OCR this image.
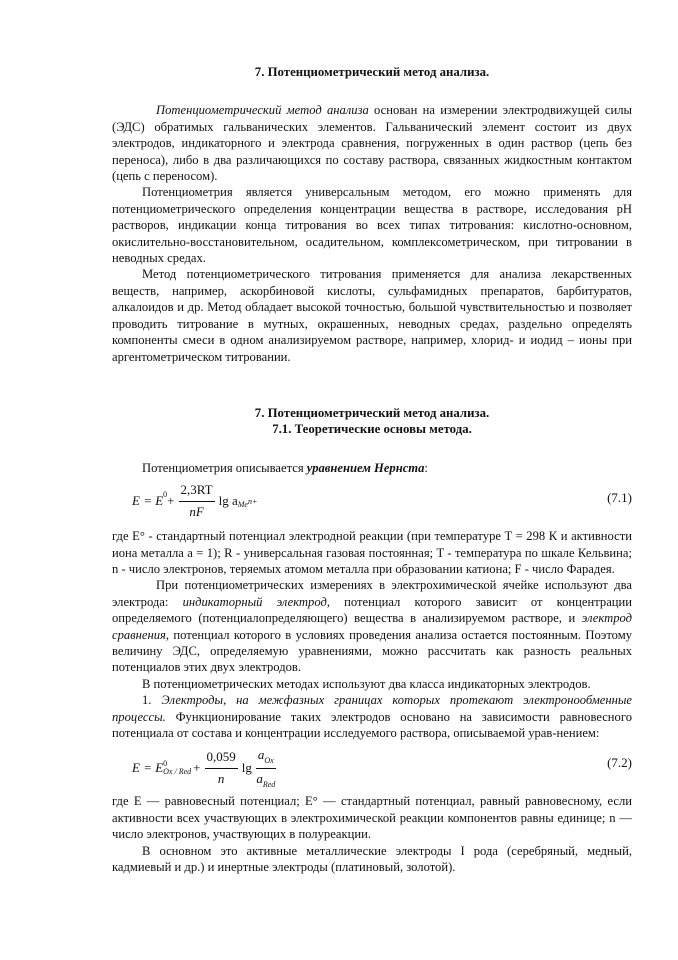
7. Потенциометрический метод анализа.

Потенциометрический метод анализа основан на измерении электродвижущей силы (ЭДС) обратимых гальванических элементов. Гальванический элемент состоит из двух электродов, индикаторного и электрода сравнения, погруженных в один раствор (цепь без переноса), либо в два различающихся по составу раствора, связанных жидкостным контактом (цепь с переносом).

Потенциометрия является универсальным методом, его можно применять для потенциометрического определения концентрации вещества в растворе, исследования рН растворов, индикации конца титрования во всех типах титрования: кислотно-основном, окислительно-восстановительном, осадительном, комплексометрическом, при титровании в неводных средах.

Метод потенциометрического титрования применяется для анализа лекарственных веществ, например, аскорбиновой кислоты, сульфамидных препаратов, барбитуратов, алкалоидов и др. Метод обладает высокой точностью, большой чувствительностью и позволяет проводить титрование в мутных, окрашенных, неводных средах, раздельно определять компоненты смеси в одном анализируемом растворе, например, хлорид- и иодид – ионы при аргентометрическом титровании.

7. Потенциометрический метод анализа.
7.1. Теоретические основы метода.

Потенциометрия описывается уравнением Нернста:

E = E $0 + \frac{2,3RT}{nF}$ lg a Me n+	(7.1)

где E° - стандартный потенциал электродной реакции (при температуре T = 298 К и активности иона металла a = 1); R - универсальная газовая постоянная; T - температура по шкале Кельвина; n - число электронов, теряемых атомом металла при образовании катиона; F - число Фарадея.

При потенциометрических измерениях в электрохимической ячейке используют два электрода: индикаторный электрод, потенциал которого зависит от концентрации определяемого (потенциалопределяющего) вещества в анализируемом растворе, и электрод сравнения, потенциал которого в условиях проведения анализа остается постоянным. Поэтому величину ЭДС, определяемую уравнениями, можно рассчитать как разность реальных потенциалов этих двух электродов.

В потенциометрических методах используют два класса индикаторных электродов.

1. Электроды, на межфазных границах которых протекают электронообменные процессы. Функционирование таких электродов основано на зависимости равновесного потенциала от состава и концентрации исследуемого раствора, описываемой урав-нением:

E = E 0
Ox / Red + $\frac{0,059}{n}$ $\lg \frac{a_{Ox}}{a_{Red}}$	(7.2)

где E — равновесный потенциал; E° — стандартный потенциал, равный равновесному, если активности всех участвующих в электрохимической реакции компонентов равны единице; n — число электронов, участвующих в полуреакции.

В основном это активные металлические электроды I рода (серебряный, медный, кадмиевый и др.) и инертные электроды (платиновый, золотой).
